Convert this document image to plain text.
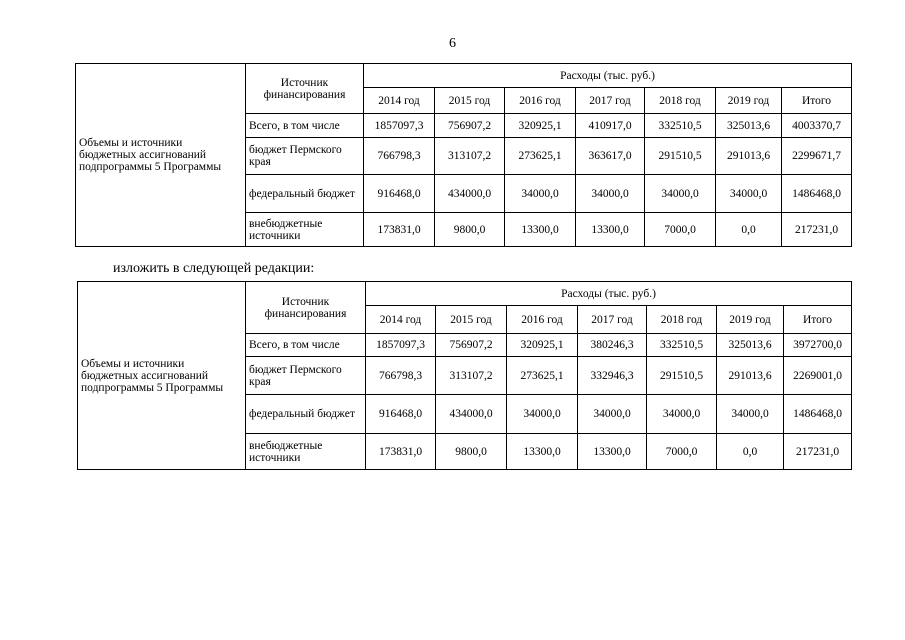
6
Объемы и источники бюджетных ассигнований подпрограммы 5 Программы	Источник финансирования	Расходы (тыс. руб.)						
		2014 год	2015 год	2016 год	2017 год	2018 год	2019 год	Итого
	Всего, в том числе	1857097,3	756907,2	320925,1	410917,0	332510,5	325013,6	4003370,7
	бюджет Пермского края	766798,3	313107,2	273625,1	363617,0	291510,5	291013,6	2299671,7
	федеральный бюджет	916468,0	434000,0	34000,0	34000,0	34000,0	34000,0	1486468,0
	внебюджетные источники	173831,0	9800,0	13300,0	13300,0	7000,0	0,0	217231,0
изложить в следующей редакции:
Объемы и источники бюджетных ассигнований подпрограммы 5 Программы	Источник финансирования	Расходы (тыс. руб.)						
		2014 год	2015 год	2016 год	2017 год	2018 год	2019 год	Итого
	Всего, в том числе	1857097,3	756907,2	320925,1	380246,3	332510,5	325013,6	3972700,0
	бюджет Пермского края	766798,3	313107,2	273625,1	332946,3	291510,5	291013,6	2269001,0
	федеральный бюджет	916468,0	434000,0	34000,0	34000,0	34000,0	34000,0	1486468,0
	внебюджетные источники	173831,0	9800,0	13300,0	13300,0	7000,0	0,0	217231,0
